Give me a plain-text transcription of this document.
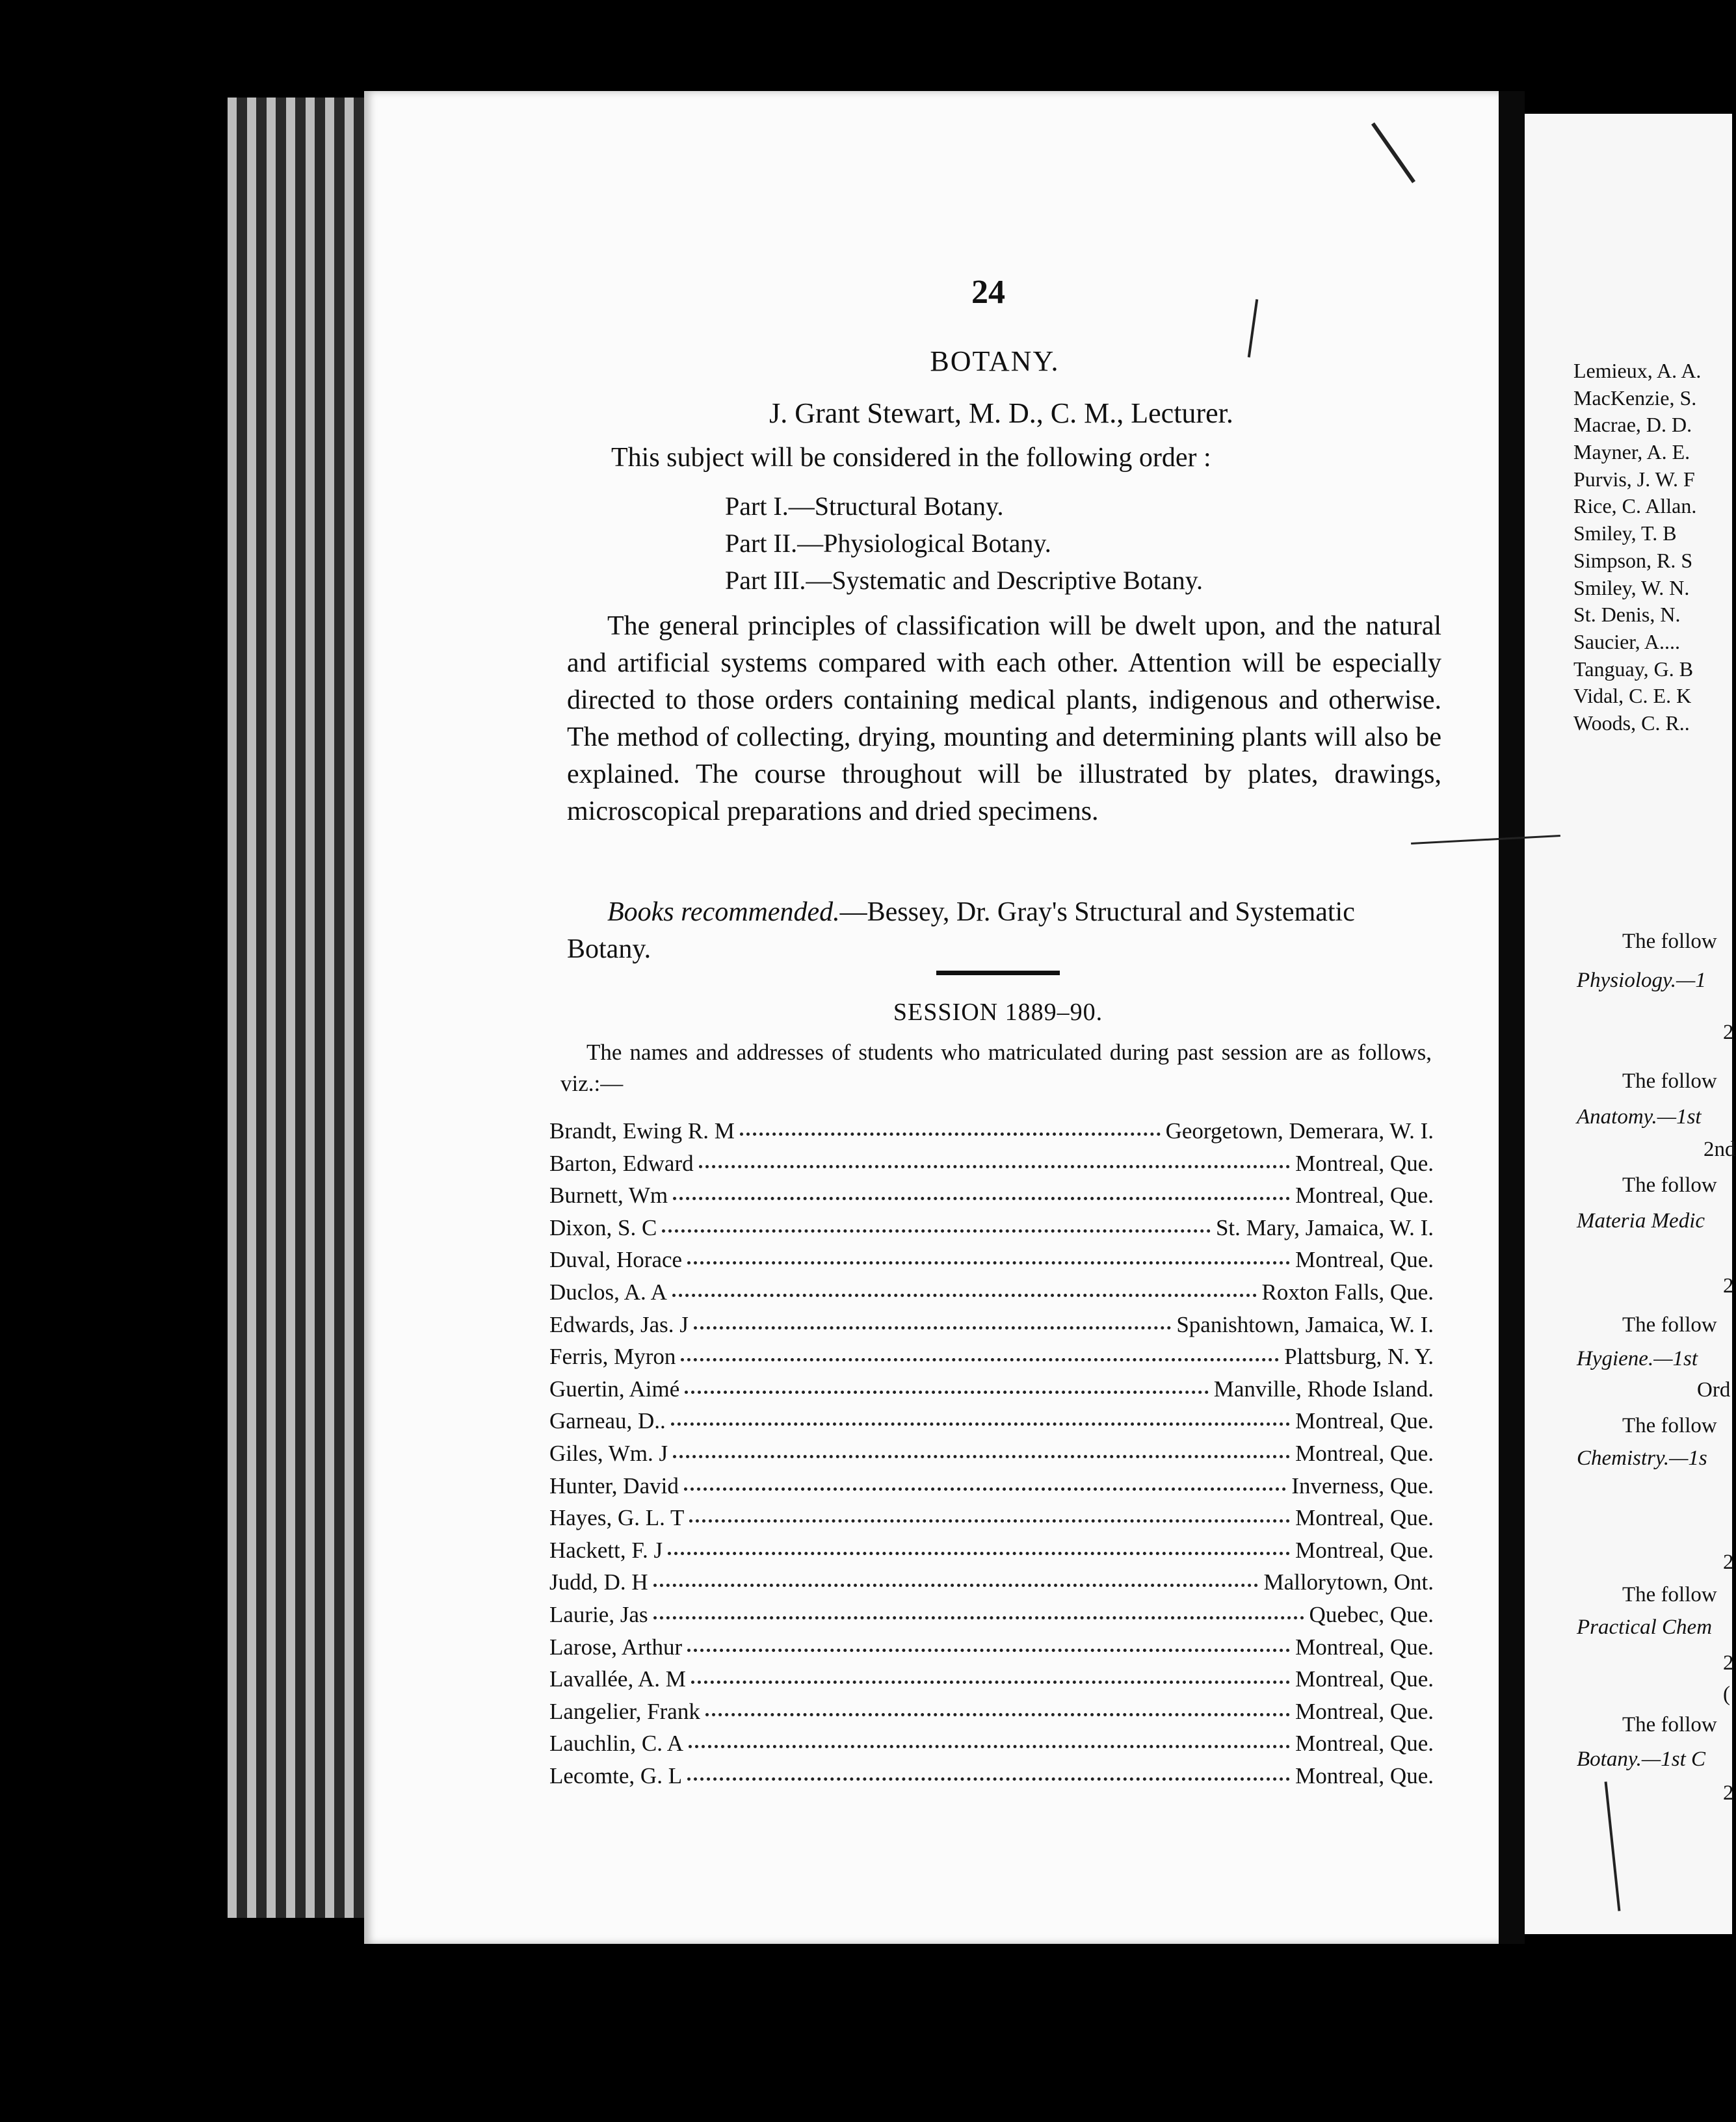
24
BOTANY.
J. Grant Stewart, M. D., C. M., Lecturer.
This subject will be considered in the following order :
Part I.—Structural Botany.
Part II.—Physiological Botany.
Part III.—Systematic and Descriptive Botany.
The general principles of classification will be dwelt upon, and the natural and artificial systems compared with each other. Attention will be especially directed to those orders containing medical plants, indigenous and otherwise. The method of collecting, drying, mounting and determining plants will also be explained. The course throughout will be illustrated by plates, drawings, microscopical preparations and dried specimens.
Books recommended.—Bessey, Dr. Gray's Structural and Systematic Botany.
SESSION 1889–90.
The names and addresses of students who matriculated during past session are as follows, viz.:—
Brandt, Ewing R. M	Georgetown, Demerara, W. I.
Barton, Edward	Montreal, Que.
Burnett, Wm	Montreal, Que.
Dixon, S. C	St. Mary, Jamaica, W. I.
Duval, Horace	Montreal, Que.
Duclos, A. A	Roxton Falls, Que.
Edwards, Jas. J	Spanishtown, Jamaica, W. I.
Ferris, Myron	Plattsburg, N. Y.
Guertin, Aimé	Manville, Rhode Island.
Garneau, D..	Montreal, Que.
Giles, Wm. J	Montreal, Que.
Hunter, David	Inverness, Que.
Hayes, G. L. T	Montreal, Que.
Hackett, F. J	Montreal, Que.
Judd, D. H	Mallorytown, Ont.
Laurie, Jas	Quebec, Que.
Larose, Arthur	Montreal, Que.
Lavallée, A. M	Montreal, Que.
Langelier, Frank	Montreal, Que.
Lauchlin, C. A	Montreal, Que.
Lecomte, G. L	Montreal, Que.
Lemieux, A. A.
MacKenzie, S.
Macrae, D. D.
Mayner, A. E.
Purvis, J. W. F
Rice, C. Allan.
Smiley, T. B
Simpson, R. S
Smiley, W. N.
St. Denis, N.
Saucier, A....
Tanguay, G. B
Vidal, C. E. K
Woods, C. R..
The follow
Physiology.—1
2
The follow
Anatomy.—1st
2nd
The follow
Materia Medic
2
The follow
Hygiene.—1st
Ord
The follow
Chemistry.—1s
2
The follow
Practical Chem
2
(
The follow
Botany.—1st C
2
